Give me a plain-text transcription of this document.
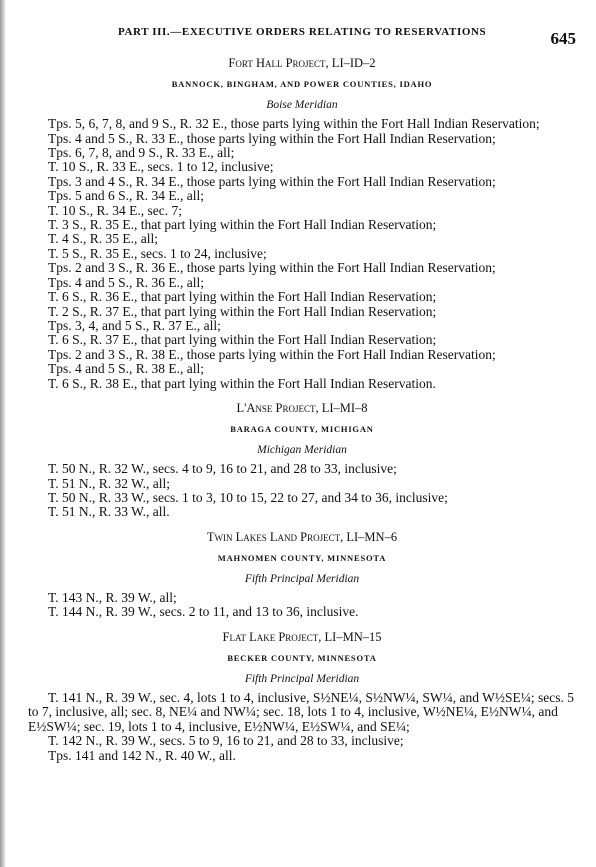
PART III.—EXECUTIVE ORDERS RELATING TO RESERVATIONS	645
Fort Hall Project, LI–ID–2
BANNOCK, BINGHAM, AND POWER COUNTIES, IDAHO
Boise Meridian

Tps. 5, 6, 7, 8, and 9 S., R. 32 E., those parts lying within the Fort Hall Indian Reservation;

Tps. 4 and 5 S., R. 33 E., those parts lying within the Fort Hall Indian Reservation;

Tps. 6, 7, 8, and 9 S., R. 33 E., all;

T. 10 S., R. 33 E., secs. 1 to 12, inclusive;

Tps. 3 and 4 S., R. 34 E., those parts lying within the Fort Hall Indian Reservation;

Tps. 5 and 6 S., R. 34 E., all;

T. 10 S., R. 34 E., sec. 7;

T. 3 S., R. 35 E., that part lying within the Fort Hall Indian Reservation;

T. 4 S., R. 35 E., all;

T. 5 S., R. 35 E., secs. 1 to 24, inclusive;

Tps. 2 and 3 S., R. 36 E., those parts lying within the Fort Hall Indian Reservation;

Tps. 4 and 5 S., R. 36 E., all;

T. 6 S., R. 36 E., that part lying within the Fort Hall Indian Reservation;

T. 2 S., R. 37 E., that part lying within the Fort Hall Indian Reservation;

Tps. 3, 4, and 5 S., R. 37 E., all;

T. 6 S., R. 37 E., that part lying within the Fort Hall Indian Reservation;

Tps. 2 and 3 S., R. 38 E., those parts lying within the Fort Hall Indian Reservation;

Tps. 4 and 5 S., R. 38 E., all;

T. 6 S., R. 38 E., that part lying within the Fort Hall Indian Reservation.

L'Anse Project, LI–MI–8
BARAGA COUNTY, MICHIGAN
Michigan Meridian

T. 50 N., R. 32 W., secs. 4 to 9, 16 to 21, and 28 to 33, inclusive;

T. 51 N., R. 32 W., all;

T. 50 N., R. 33 W., secs. 1 to 3, 10 to 15, 22 to 27, and 34 to 36, inclusive;

T. 51 N., R. 33 W., all.

Twin Lakes Land Project, LI–MN–6
MAHNOMEN COUNTY, MINNESOTA
Fifth Principal Meridian

T. 143 N., R. 39 W., all;

T. 144 N., R. 39 W., secs. 2 to 11, and 13 to 36, inclusive.

Flat Lake Project, LI–MN–15
BECKER COUNTY, MINNESOTA
Fifth Principal Meridian

T. 141 N., R. 39 W., sec. 4, lots 1 to 4, inclusive, S½NE¼, S½NW¼, SW¼, and W½SE¼; secs. 5 to 7, inclusive, all; sec. 8, NE¼ and NW¼; sec. 18, lots 1 to 4, inclusive, W½NE¼, E½NW¼, and E½SW¼; sec. 19, lots 1 to 4, inclusive, E½NW¼, E½SW¼, and SE¼;

T. 142 N., R. 39 W., secs. 5 to 9, 16 to 21, and 28 to 33, inclusive;

Tps. 141 and 142 N., R. 40 W., all.
